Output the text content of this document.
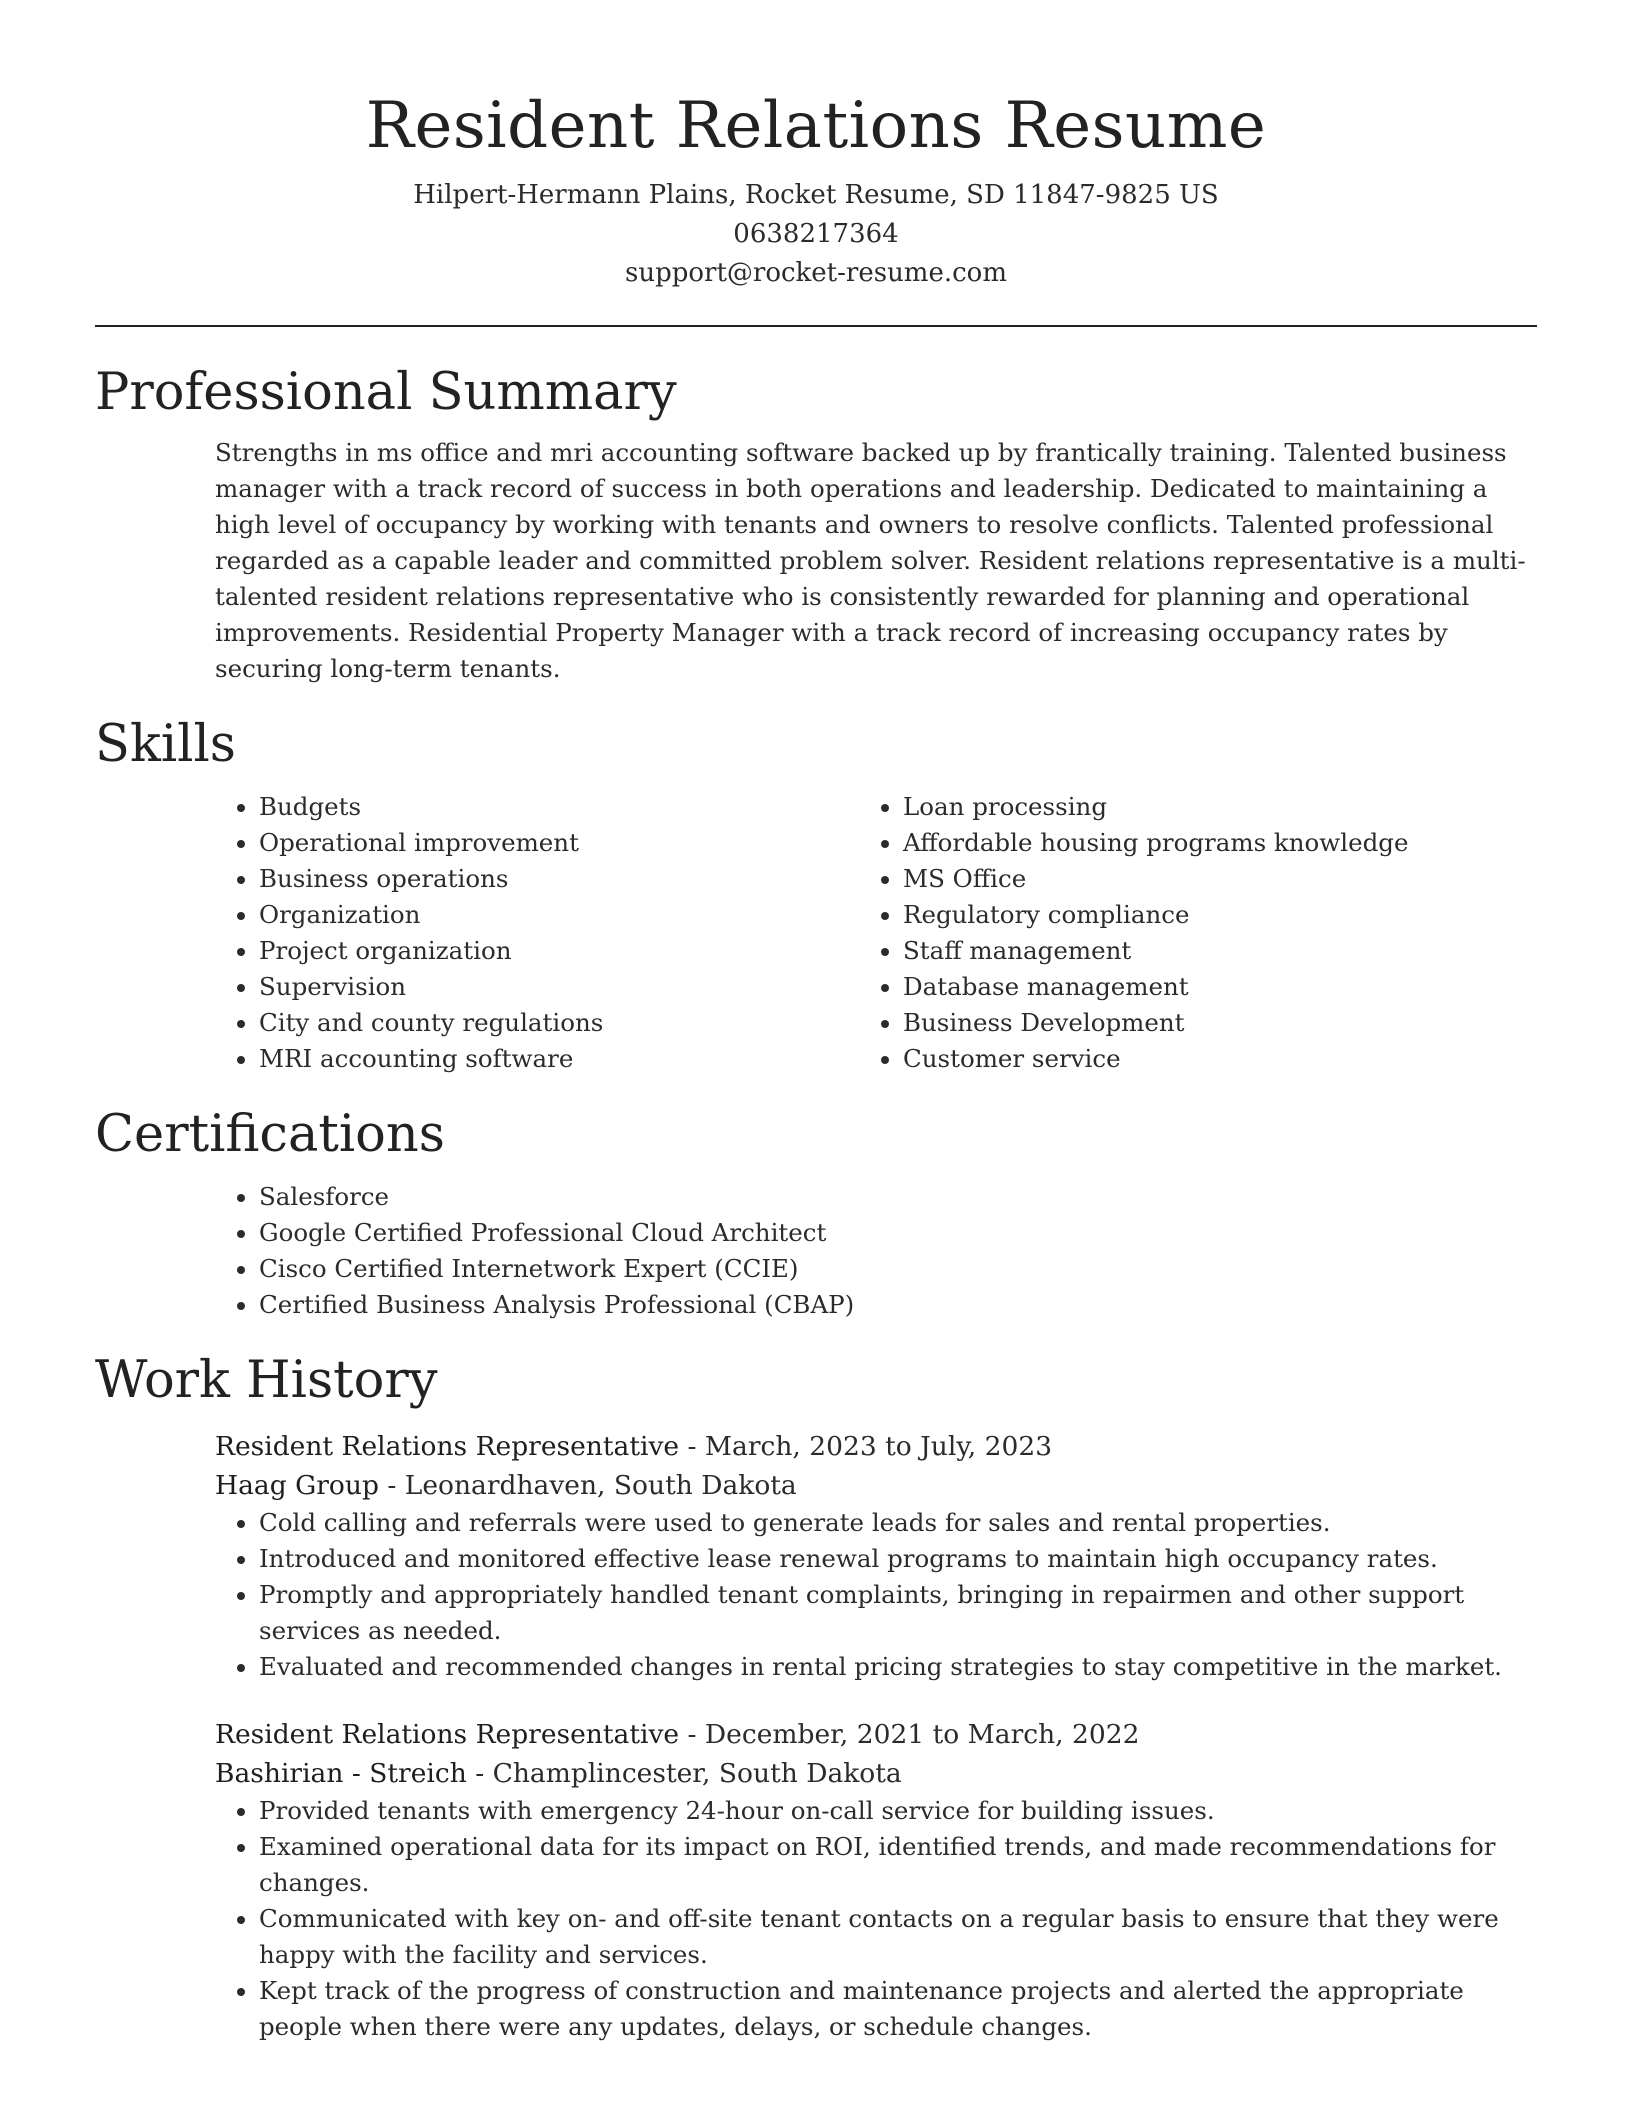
Resident Relations Resume
Hilpert-Hermann Plains, Rocket Resume, SD 11847-9825 US
0638217364
support@rocket-resume.com
Professional Summary

Strengths in ms office and mri accounting software backed up by frantically training. Talented business manager with a track record of success in both operations and leadership. Dedicated to maintaining a high level of occupancy by working with tenants and owners to resolve conflicts. Talented professional regarded as a capable leader and committed problem solver. Resident relations representative is a multi-talented resident relations representative who is consistently rewarded for planning and operational improvements. Residential Property Manager with a track record of increasing occupancy rates by securing long-term tenants.

Skills
• Budgets
• Operational improvement
• Business operations
• Organization
• Project organization
• Supervision
• City and county regulations
• MRI accounting software
• Loan processing
• Affordable housing programs knowledge
• MS Office
• Regulatory compliance
• Staff management
• Database management
• Business Development
• Customer service
Certifications
• Salesforce
• Google Certified Professional Cloud Architect
• Cisco Certified Internetwork Expert (CCIE)
• Certified Business Analysis Professional (CBAP)
Work History
Resident Relations Representative - March, 2023 to July, 2023
Haag Group - Leonardhaven, South Dakota
• Cold calling and referrals were used to generate leads for sales and rental properties.
• Introduced and monitored effective lease renewal programs to maintain high occupancy rates.
• Promptly and appropriately handled tenant complaints, bringing in repairmen and other support services as needed.
• Evaluated and recommended changes in rental pricing strategies to stay competitive in the market.
Resident Relations Representative - December, 2021 to March, 2022
Bashirian - Streich - Champlincester, South Dakota
• Provided tenants with emergency 24-hour on-call service for building issues.
• Examined operational data for its impact on ROI, identified trends, and made recommendations for changes.
• Communicated with key on- and off-site tenant contacts on a regular basis to ensure that they were happy with the facility and services.
• Kept track of the progress of construction and maintenance projects and alerted the appropriate people when there were any updates, delays, or schedule changes.
